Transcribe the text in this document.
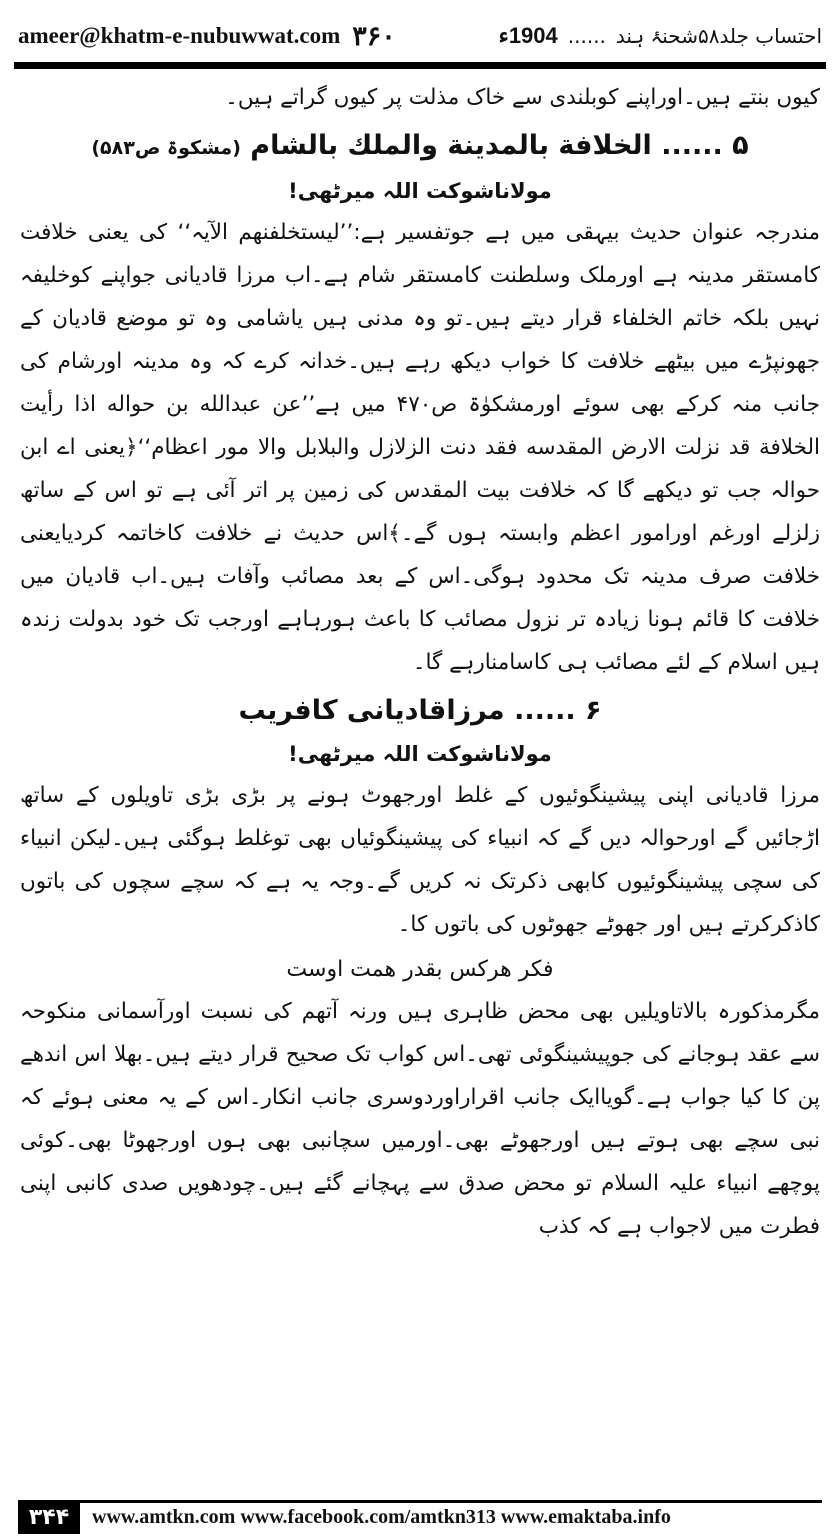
ameer@khatm-e-nubuwwat.com ۳۶۰	احتساب جلد۵۸شحنۂ ہند
......
1904ء

کیوں بنتے ہیں۔اوراپنے کوبلندی سے خاک مذلت پر کیوں گراتے ہیں۔

۵ ...... الخلافة بالمدينة والملك بالشام (مشکوۃ ص۵۸۳)

مولاناشوکت اللہ میرٹھی!

مندرجہ عنوان حدیث بیہقی میں ہے جوتفسیر ہے:’’ليستخلفنهم الآیہ‘‘ کی یعنی خلافت کامستقر مدینہ ہے اورملک وسلطنت کامستقر شام ہے۔اب مرزا قادیانی جواپنے کوخلیفہ نہیں بلکہ خاتم الخلفاء قرار دیتے ہیں۔تو وہ مدنی ہیں یاشامی وہ تو موضع قادیان کے جھونپڑے میں بیٹھے خلافت کا خواب دیکھ رہے ہیں۔خدانہ کرے کہ وہ مدینہ اورشام کی جانب منہ کرکے بھی سوئے اورمشکوٰۃ ص۴۷۰ میں ہے’’عن عبدالله بن حواله اذا رأيت الخلافة قد نزلت الارض المقدسه فقد دنت الزلازل والبلابل والا مور اعظام‘‘﴿یعنی اے ابن حوالہ جب تو دیکھے گا کہ خلافت بیت المقدس کی زمین پر اتر آئی ہے تو اس کے ساتھ زلزلے اورغم اورامور اعظم وابستہ ہوں گے۔﴾اس حدیث نے خلافت کاخاتمہ کردیایعنی خلافت صرف مدینہ تک محدود ہوگی۔اس کے بعد مصائب وآفات ہیں۔اب قادیان میں خلافت کا قائم ہونا زیادہ تر نزول مصائب کا باعث ہورہاہے اورجب تک خود بدولت زندہ ہیں اسلام کے لئے مصائب ہی کاسامنارہے گا۔

۶ ...... مرزاقادیانی کافریب

مولاناشوکت اللہ میرٹھی!

مرزا قادیانی اپنی پیشینگوئیوں کے غلط اورجھوٹ ہونے پر بڑی بڑی تاویلوں کے ساتھ اڑجائیں گے اورحوالہ دیں گے کہ انبیاء کی پیشینگوئیاں بھی توغلط ہوگئی ہیں۔لیکن انبیاء کی سچی پیشینگوئیوں کابھی ذکرتک نہ کریں گے۔وجہ یہ ہے کہ سچے سچوں کی باتوں کاذکرکرتے ہیں اور جھوٹے جھوٹوں کی باتوں کا۔

فکر هرکس بقدر همت اوست

مگرمذکورہ بالاتاویلیں بھی محض ظاہری ہیں ورنہ آتھم کی نسبت اورآسمانی منکوحہ سے عقد ہوجانے کی جوپیشینگوئی تھی۔اس کواب تک صحیح قرار دیتے ہیں۔بھلا اس اندھے پن کا کیا جواب ہے۔گویاایک جانب اقراراوردوسری جانب انکار۔اس کے یہ معنی ہوئے کہ نبی سچے بھی ہوتے ہیں اورجھوٹے بھی۔اورمیں سچانبی بھی ہوں اورجھوٹا بھی۔کوئی پوچھے انبیاء علیہ السلام تو محض صدق سے پہچانے گئے ہیں۔چودھویں صدی کانبی اپنی فطرت میں لاجواب ہے کہ کذب

۳۴۴	www.amtkn.com www.facebook.com/amtkn313 www.emaktaba.info
